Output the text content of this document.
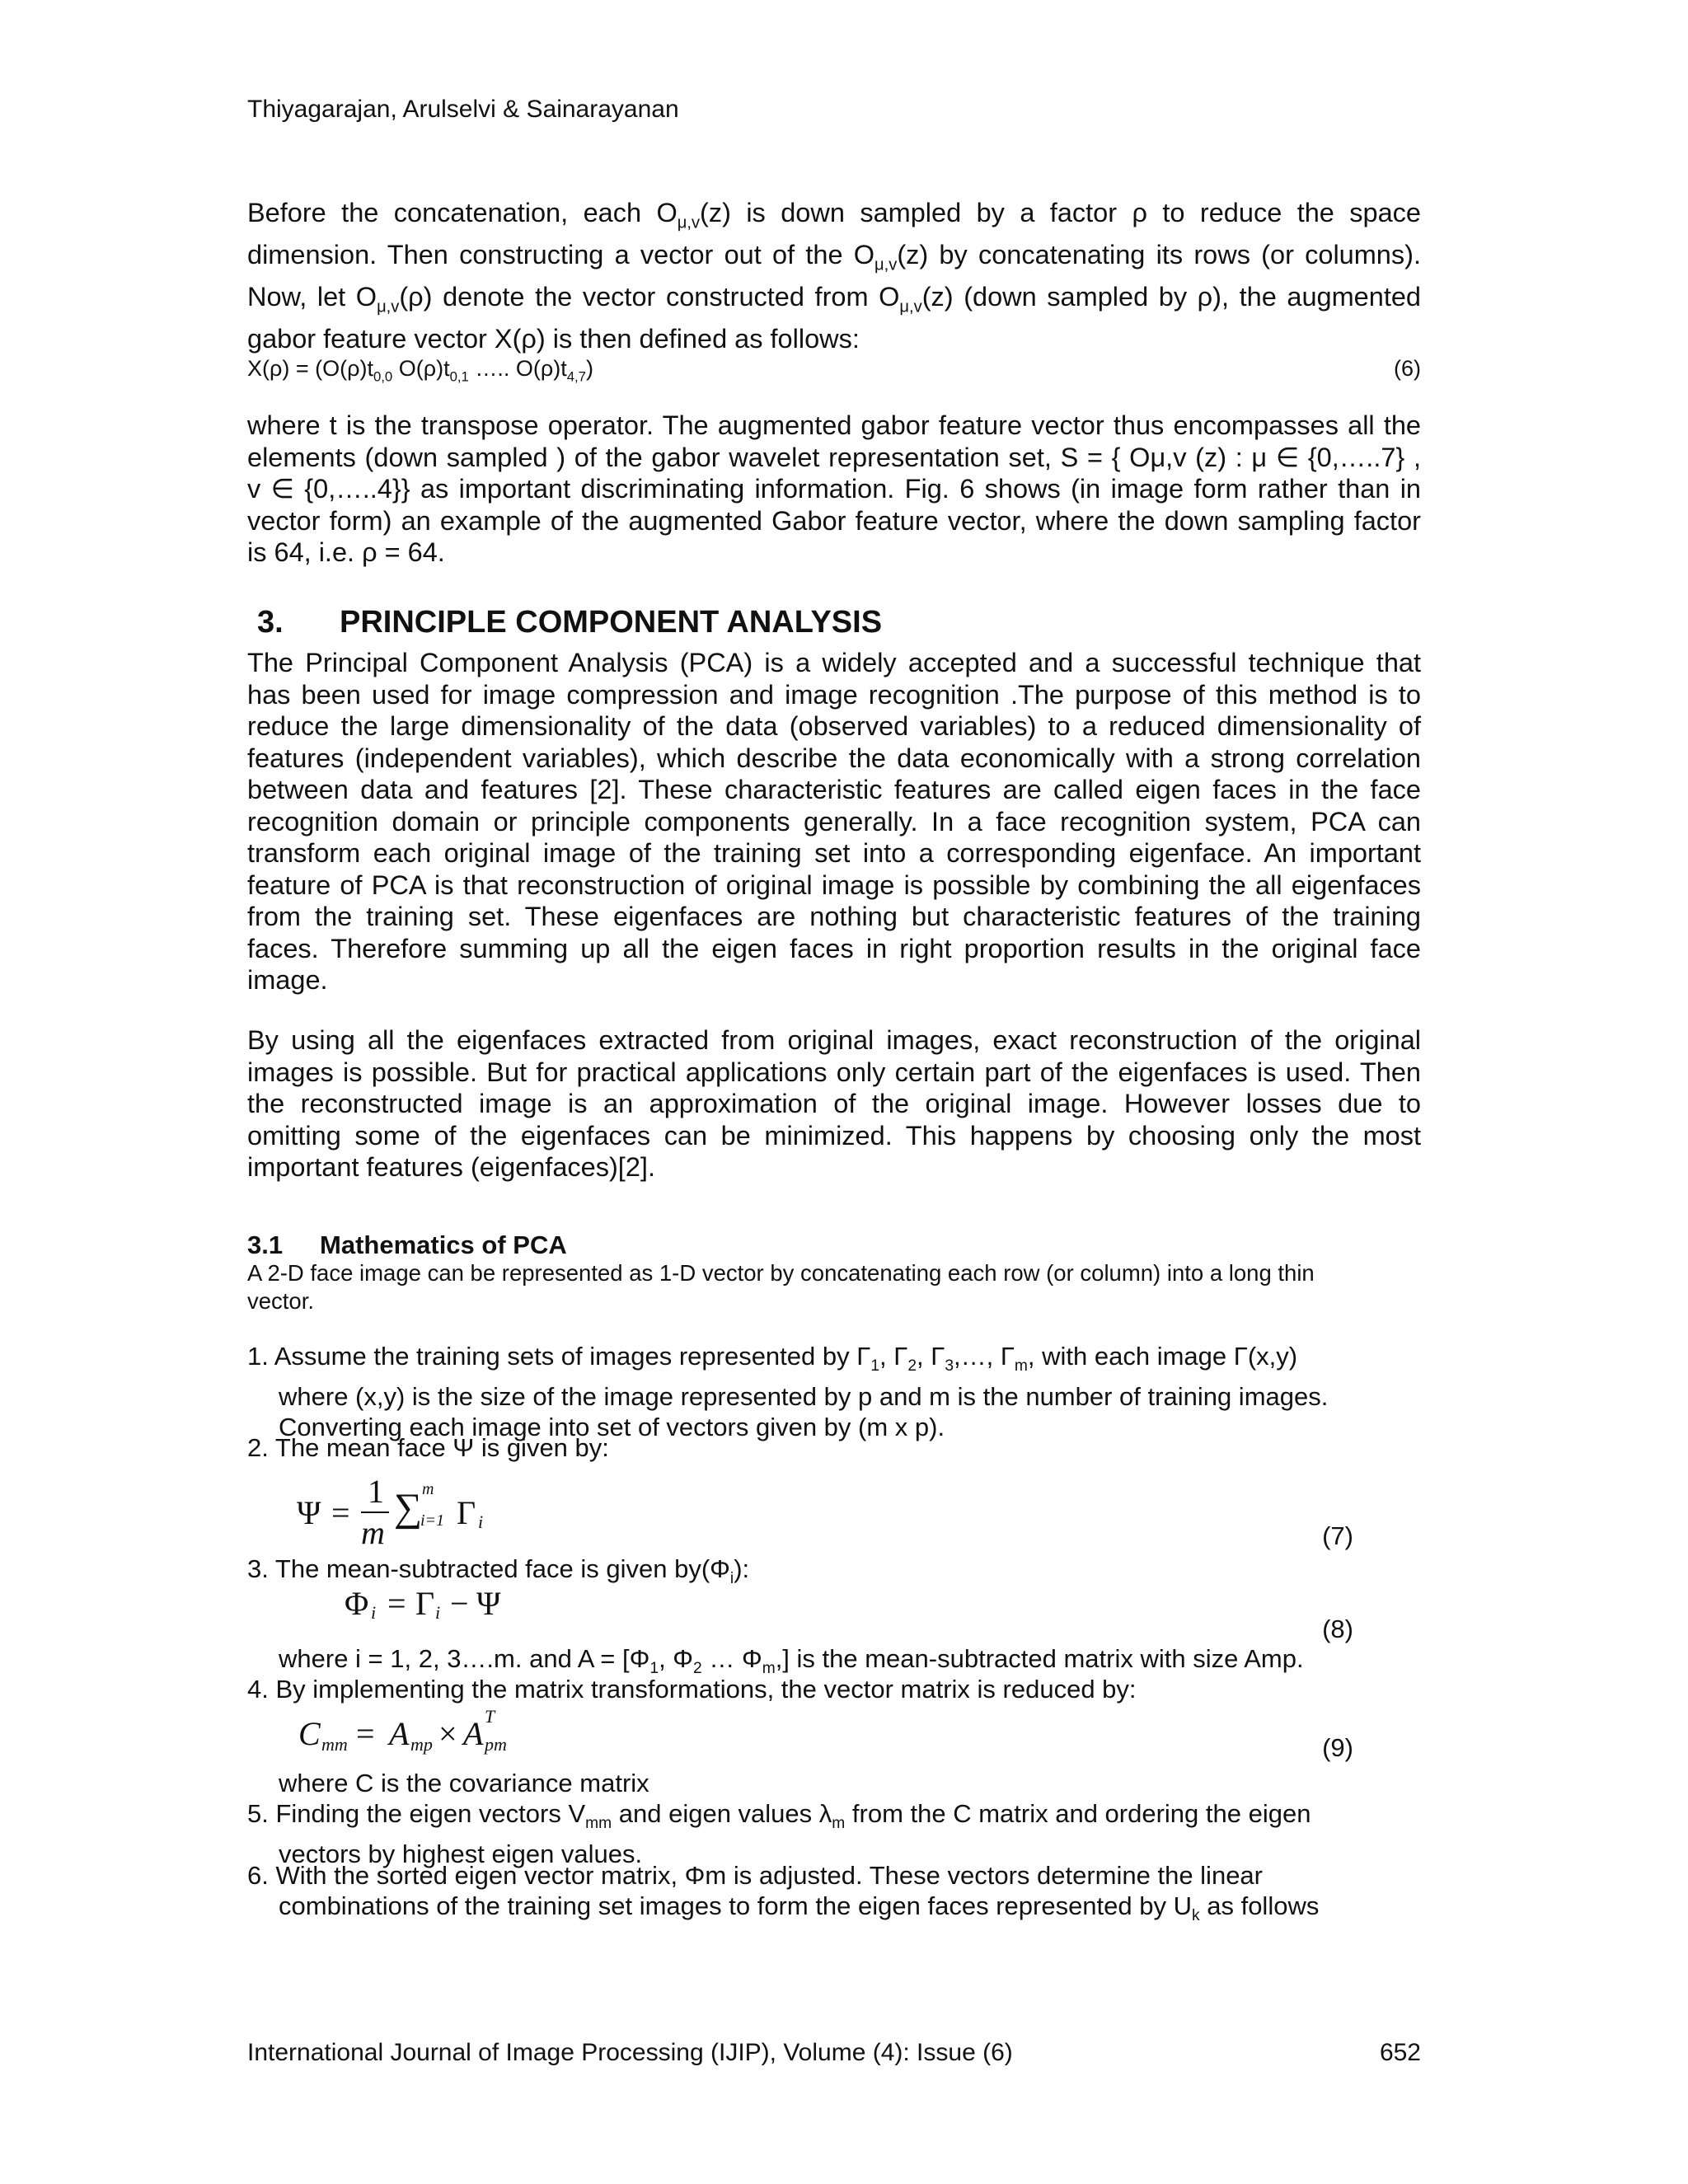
Thiyagarajan, Arulselvi & Sainarayanan
Before the concatenation, each $O_{\mu,v}(z)$ is down sampled by a factor ρ to reduce the space
dimension. Then constructing a vector out of the $O_{\mu,v}(z)$ by concatenating its rows (or columns).
Now, let $O_{\mu,v}(\rho)$ denote the vector constructed from $O_{\mu,v}(z)$ (down sampled by ρ), the augmented
gabor feature vector X(ρ) is then defined as follows:
$X(\rho) = (O(\rho)t_{0,0}$ $O(\rho)t_{0,1}$ ….. $O(\rho)t_{4,7}$)	(6)
where t is the transpose operator. The augmented gabor feature vector thus encompasses all the
elements (down sampled ) of the gabor wavelet representation set, S = { Oμ,v (z) : μ ∈ {0,…..7} ,
v ∈ {0,…..4}} as important discriminating information. Fig. 6 shows (in image form rather than in
vector form) an example of the augmented Gabor feature vector, where the down sampling factor
is 64, i.e. ρ = 64.
3. PRINCIPLE COMPONENT ANALYSIS
The Principal Component Analysis (PCA) is a widely accepted and a successful technique that
has been used for image compression and image recognition .The purpose of this method is to
reduce the large dimensionality of the data (observed variables) to a reduced dimensionality of
features (independent variables), which describe the data economically with a strong correlation
between data and features [2]. These characteristic features are called eigen faces in the face
recognition domain or principle components generally. In a face recognition system, PCA can
transform each original image of the training set into a corresponding eigenface. An important
feature of PCA is that reconstruction of original image is possible by combining the all eigenfaces
from the training set. These eigenfaces are nothing but characteristic features of the training
faces. Therefore summing up all the eigen faces in right proportion results in the original face
image.
By using all the eigenfaces extracted from original images, exact reconstruction of the original
images is possible. But for practical applications only certain part of the eigenfaces is used. Then
the reconstructed image is an approximation of the original image. However losses due to
omitting some of the eigenfaces can be minimized. This happens by choosing only the most
important features (eigenfaces)[2].
3.1 Mathematics of PCA
A 2-D face image can be represented as 1-D vector by concatenating each row (or column) into a long thin
vector.
1. Assume the training sets of images represented by $\Gamma_1$, $\Gamma_2$, $\Gamma_3,\dots$, $\Gamma_m$, with each image Γ(x,y)
where (x,y) is the size of the image represented by p and m is the number of training images.
Converting each image into set of vectors given by (m x p).
2. The mean face Ψ is given by:
Ψ =
1
m
∑ m
i=1 Γ i	(7)
3. The mean-subtracted face is given $by(\Phi_i)$:
Φ i = Γ i − Ψ
(8)
where i = 1, 2, 3….m. and $A = [\Phi_1$, $\Phi_2$ … $\Phi_m$,] is the mean-subtracted matrix with size Amp.
4. By implementing the matrix transformations, the vector matrix is reduced by:
C mm = A mp × A T
pm	(9)
where C is the covariance matrix
5. Finding the eigen vectors $V_{mm}$ and eigen values $\lambda_m$ from the C matrix and ordering the eigen
vectors by highest eigen values.
6. With the sorted eigen vector matrix, Φm is adjusted. These vectors determine the linear
combinations of the training set images to form the eigen faces represented by $U_k$ as follows
International Journal of Image Processing (IJIP), Volume (4): Issue (6)	652
